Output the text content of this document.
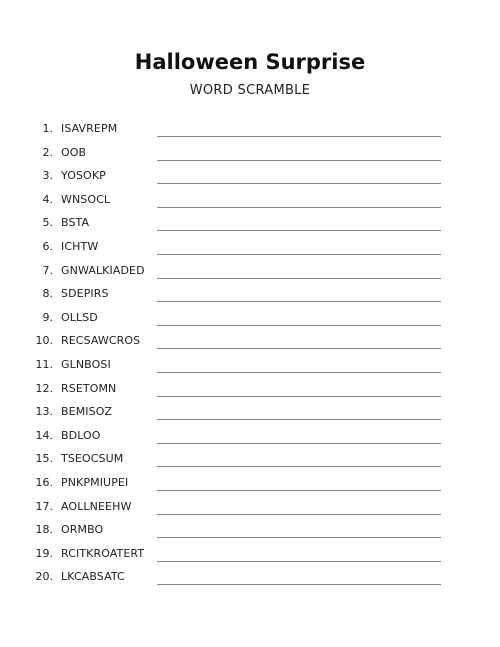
Halloween Surprise
WORD SCRAMBLE
1. ISAVREPM
2. OOB
3. YOSOKP
4. WNSOCL
5. BSTA
6. ICHTW
7. GNWALKIADED
8. SDEPIRS
9. OLLSD
10. RECSAWCROS
11. GLNBOSI
12. RSETOMN
13. BEMISOZ
14. BDLOO
15. TSEOCSUM
16. PNKPMIUPEI
17. AOLLNEEHW
18. ORMBO
19. RCITKROATERT
20. LKCABSATC
